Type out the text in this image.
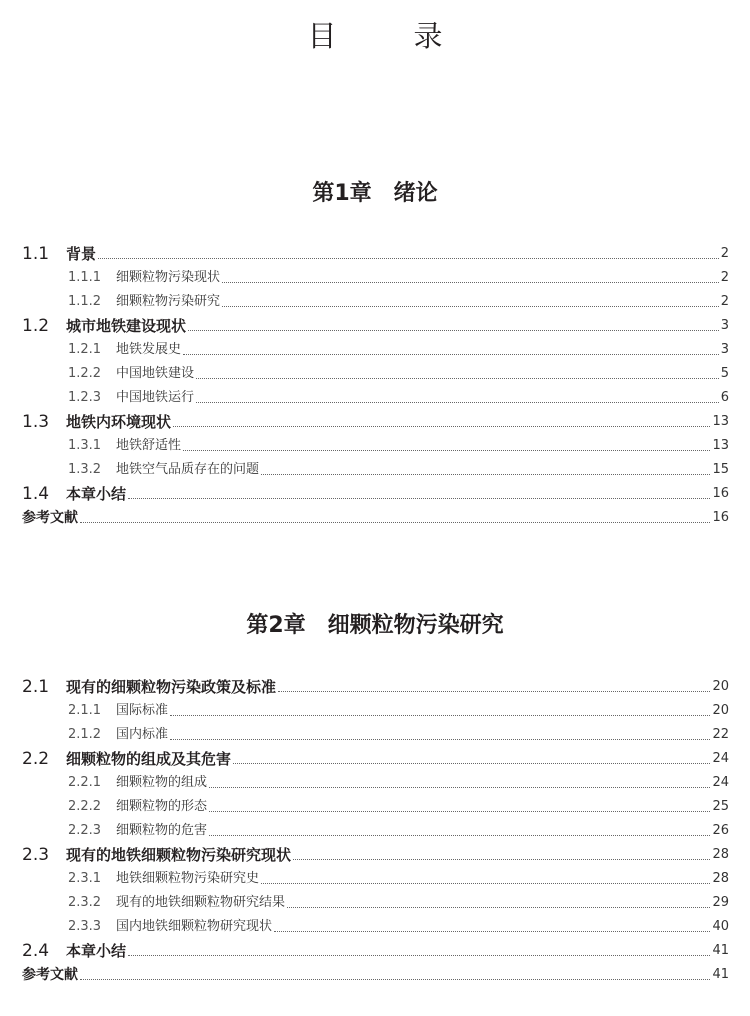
目　录
第1章 绪论
1.1	背景	2
1.1.1	细颗粒物污染现状	2
1.1.2	细颗粒物污染研究	2
1.2	城市地铁建设现状	3
1.2.1	地铁发展史	3
1.2.2	中国地铁建设	5
1.2.3	中国地铁运行	6
1.3	地铁内环境现状	13
1.3.1	地铁舒适性	13
1.3.2	地铁空气品质存在的问题	15
1.4	本章小结	16
参考文献	16
第2章 细颗粒物污染研究
2.1	现有的细颗粒物污染政策及标准	20
2.1.1	国际标准	20
2.1.2	国内标准	22
2.2	细颗粒物的组成及其危害	24
2.2.1	细颗粒物的组成	24
2.2.2	细颗粒物的形态	25
2.2.3	细颗粒物的危害	26
2.3	现有的地铁细颗粒物污染研究现状	28
2.3.1	地铁细颗粒物污染研究史	28
2.3.2	现有的地铁细颗粒物研究结果	29
2.3.3	国内地铁细颗粒物研究现状	40
2.4	本章小结	41
参考文献	41
